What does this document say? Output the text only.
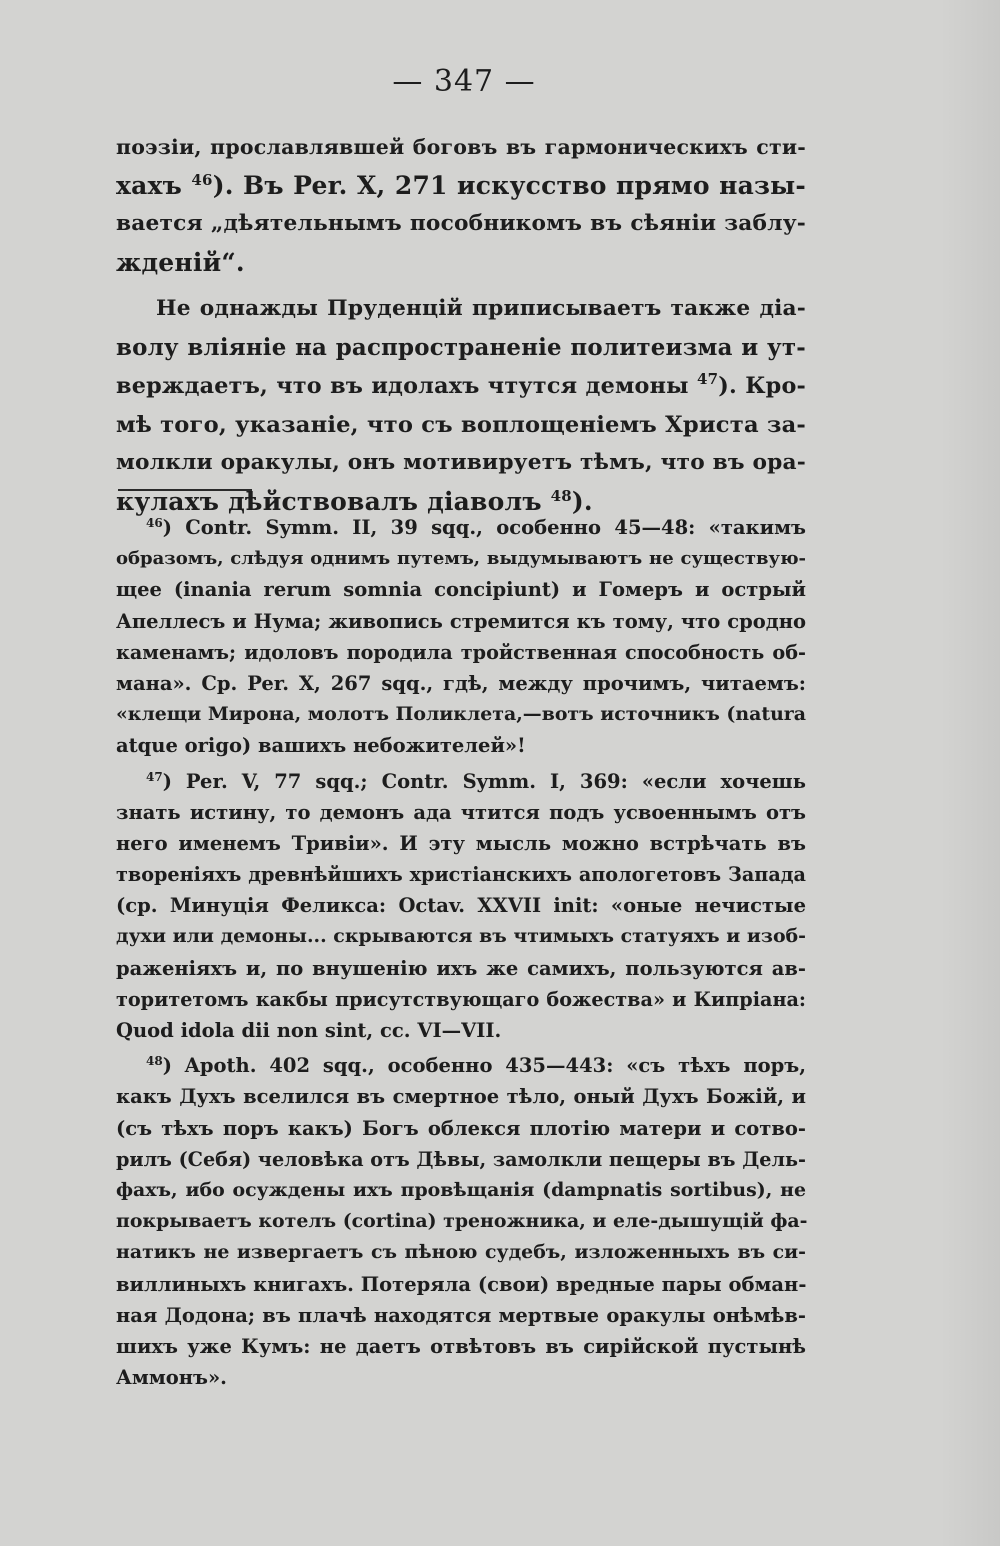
— 347 —
поэзіи, прославлявшей боговъ въ гармоническихъ сти-
хахъ $^{46}$). Въ Per. X, 271 искусство прямо назы-
вается „дѣятельнымъ пособникомъ въ сѣяніи заблу-
жденій“.
Не однажды Пруденцій приписываетъ также діа-
волу вліяніе на распространеніе политеизма и ут-
верждаетъ, что въ идолахъ чтутся демоны $^{47}$). Кро-
мѣ того, указаніе, что съ воплощеніемъ Христа за-
молкли оракулы, онъ мотивируетъ тѣмъ, что въ ора-
кулахъ дѣйствовалъ діаволъ $^{48}$).
$^{46}$) Contr. Symm. II, 39 sqq., особенно 45—48: «такимъ
образомъ, слѣдуя однимъ путемъ, выдумываютъ не существую-
щее (inania rerum somnia concipiunt) и Гомеръ и острый
Апеллесъ и Нума; живопись стремится къ тому, что сродно
каменамъ; идоловъ породила тройственная способность об-
мана». Ср. Per. X, 267 sqq., гдѣ, между прочимъ, читаемъ:
«клещи Мирона, молотъ Поликлета,—вотъ источникъ (natura
atque origo) вашихъ небожителей»!
$^{47}$) Per. V, 77 sqq.; Contr. Symm. I, 369: «если хочешь
знать истину, то демонъ ада чтится подъ усвоеннымъ отъ
него именемъ Тривіи». И эту мысль можно встрѣчать въ
твореніяхъ древнѣйшихъ христіанскихъ апологетовъ Запада
(ср. Минуція Феликса: Octav. XXVII init: «оные нечистые
духи или демоны... скрываются въ чтимыхъ статуяхъ и изоб-
раженіяхъ и, по внушенію ихъ же самихъ, пользуются ав-
торитетомъ какбы присутствующаго божества» и Кипріана:
Quod idola dii non sint, cc. VI—VII.
$^{48}$) Apoth. 402 sqq., особенно 435—443: «съ тѣхъ поръ,
какъ Духъ вселился въ смертное тѣло, оный Духъ Божій, и
(съ тѣхъ поръ какъ) Богъ облекся плотію матери и сотво-
рилъ (Себя) человѣка отъ Дѣвы, замолкли пещеры въ Дель-
фахъ, ибо осуждены ихъ провѣщанія (dampnatis sortibus), не
покрываетъ котелъ (cortina) треножника, и еле-дышущій фа-
натикъ не извергаетъ съ пѣною судебъ, изложенныхъ въ си-
виллиныхъ книгахъ. Потеряла (свои) вредные пары обман-
ная Додона; въ плачѣ находятся мертвые оракулы онѣмѣв-
шихъ уже Кумъ: не даетъ отвѣтовъ въ сирійской пустынѣ
Аммонъ».
